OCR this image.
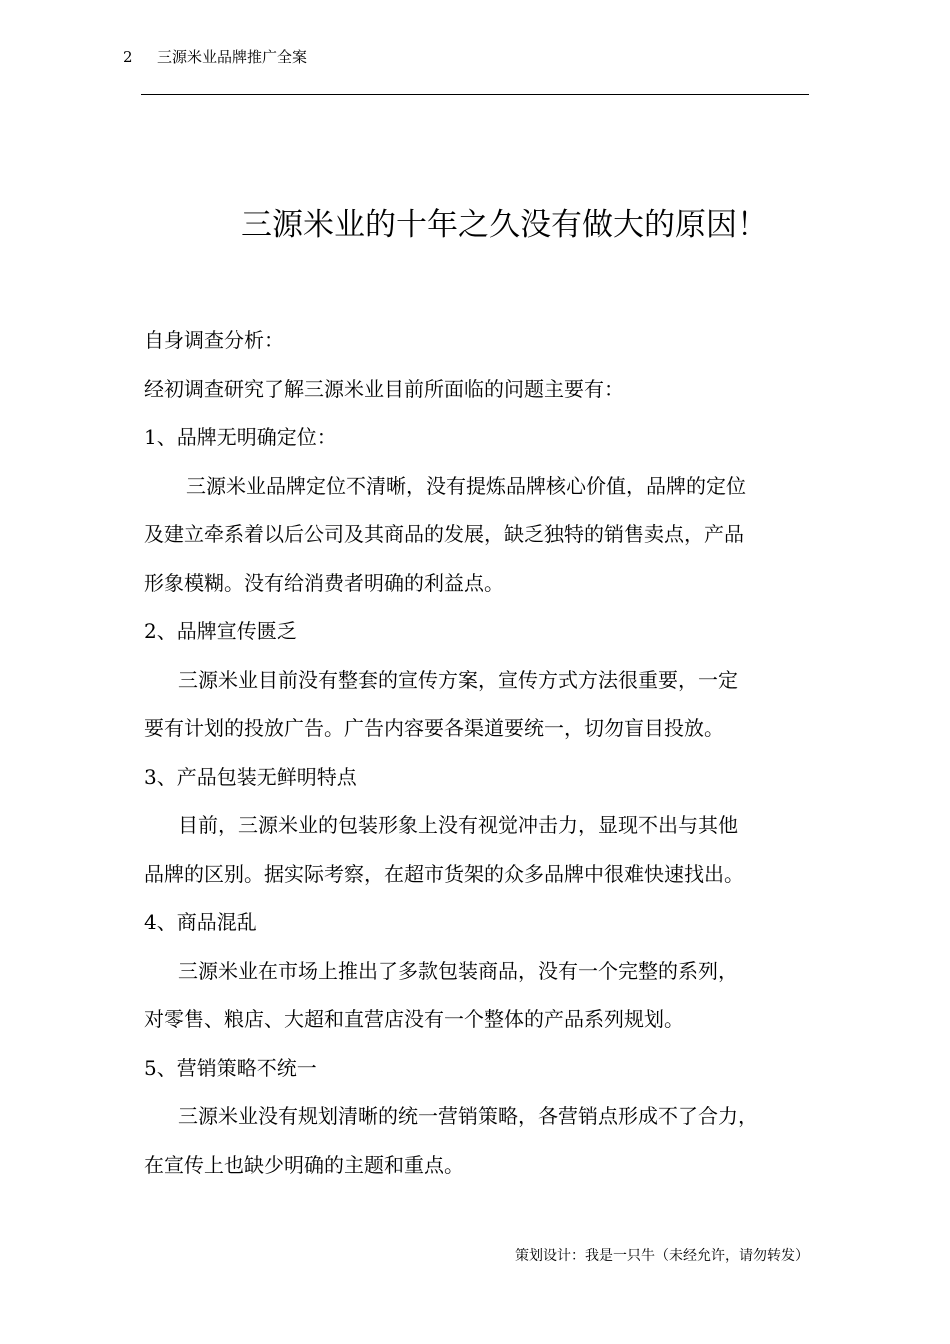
2 三源米业品牌推广全案
三源米业的十年之久没有做大的原因！
自身调查分析：
经初调查研究了解三源米业目前所面临的问题主要有：
1、品牌无明确定位：
三源米业品牌定位不清晰，没有提炼品牌核心价值，品牌的定位
及建立牵系着以后公司及其商品的发展，缺乏独特的销售卖点，产品
形象模糊。没有给消费者明确的利益点。
2、品牌宣传匮乏
三源米业目前没有整套的宣传方案，宣传方式方法很重要，一定
要有计划的投放广告。广告内容要各渠道要统一，切勿盲目投放。
3、产品包装无鲜明特点
目前，三源米业的包装形象上没有视觉冲击力，显现不出与其他
品牌的区别。据实际考察，在超市货架的众多品牌中很难快速找出。
4、商品混乱
三源米业在市场上推出了多款包装商品，没有一个完整的系列，
对零售、粮店、大超和直营店没有一个整体的产品系列规划。
5、营销策略不统一
三源米业没有规划清晰的统一营销策略，各营销点形成不了合力，
在宣传上也缺少明确的主题和重点。
策划设计：我是一只牛（未经允许，请勿转发）
